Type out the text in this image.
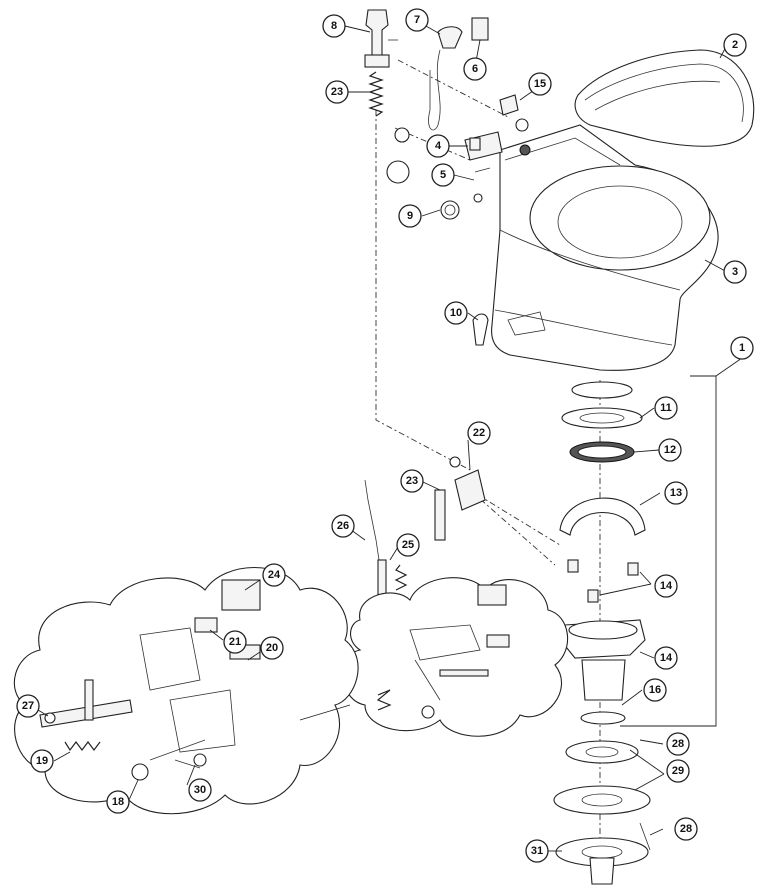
1
2
3
4
5
6
7
8
9
10
11
12
13
14
14
15
16
18
19
20
21
22
23
23
24
25
26
27
28
28
29
30
31
